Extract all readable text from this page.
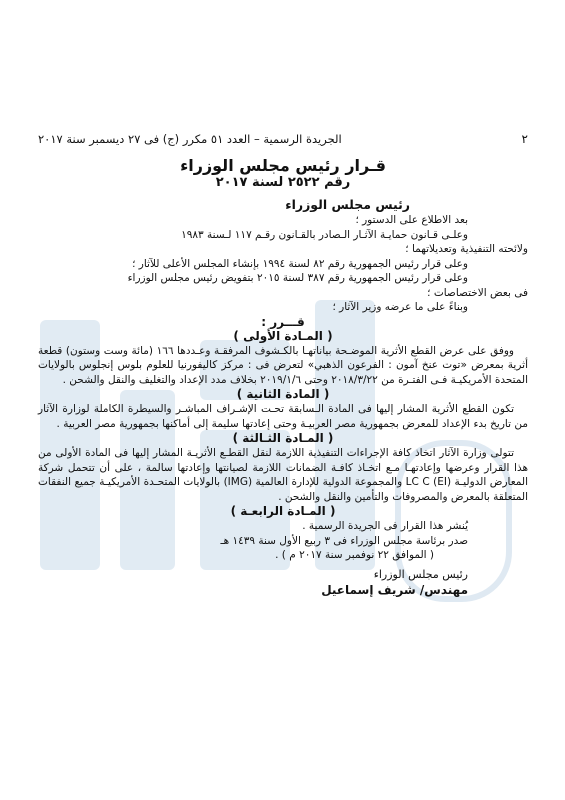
٢
الجريدة الرسمية – العدد ٥١ مكرر (ج) فى ٢٧ ديسمبر سنة ٢٠١٧
قـرار رئيس مجلس الوزراء
رقم ٢٥٢٢ لسنة ٢٠١٧
رئيس مجلس الوزراء
بعد الاطلاع على الدستور ؛
وعلـى قـانون حمايـة الآثـار الـصادر بالقـانون رقـم ١١٧ لـسنة ١٩٨٣
ولائحته التنفيذية وتعديلاتهما ؛
وعلى قرار رئيس الجمهورية رقم ٨٢ لسنة ١٩٩٤ بإنشاء المجلس الأعلى للآثار ؛
وعلى قرار رئيس الجمهورية رقم ٣٨٧ لسنة ٢٠١٥ بتفويض رئيس مجلس الوزراء
فى بعض الاختصاصات ؛
وبناءً على ما عرضه وزير الآثار ؛
قـــرر :
( المـادة الأولى )
ووفق على عرض القطع الأثرية الموضـحة بياناتهـا بالكـشوف المرفقـة وعـددها ١٦٦ (مائة وست وستون) قطعة أثرية بمعرض «توت عنخ آمون : الفرعون الذهبي» لتعرض فى : مركز كاليفورنيا للعلوم بلوس إنجلوس بالولايات المتحدة الأمريكيـة فـى الفتـرة من ٢٠١٨/٣/٢٢ وحتى ٢٠١٩/١/٦ بخلاف مدد الإعداد والتغليف والنقل والشحن .
( المادة الثانية )
تكون القطع الأثرية المشار إليها فى المادة الـسابقة تحـت الإشـراف المباشـر والسيطرة الكاملة لوزارة الآثار من تاريخ بدء الإعداد للمعرض بجمهورية مصر العربيـة وحتى إعادتها سليمة إلى أماكنها بجمهورية مصر العربية .
( المـادة الثـالثة )
تتولى وزارة الآثار اتخاذ كافة الإجراءات التنفيذية اللازمة لنقل القطـع الأثريـة المشار إليها فى المادة الأولى من هذا القرار وعرضها وإعادتهـا مـع اتخـاذ كافـة الضمانات اللازمة لصيانتها وإعادتها سالمة ، على أن تتحمل شركة المعارض الدوليـة LC C (EI) والمجموعة الدولية للإدارة العالمية (IMG) بالولايات المتحـدة الأمريكيـة جميع النفقات المتعلقة بالمعرض والمصروفات والتأمين والنقل والشحن .
( المـادة الرابعـة )
يُنشر هذا القرار فى الجريدة الرسمية .
صدر برئاسة مجلس الوزراء فى ٣ ربيع الأول سنة ١٤٣٩ هـ
( الموافق ٢٢ نوفمبر سنة ٢٠١٧ م ) .
رئيس مجلس الوزراء
مهندس/ شريف إسماعيل
